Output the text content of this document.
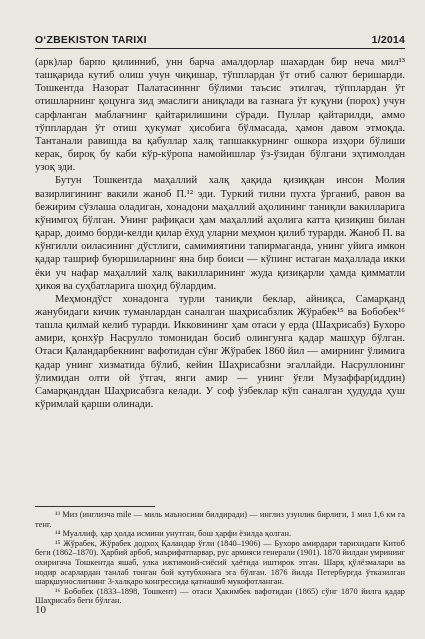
O‘ZBEKISTON TARIXI	1/2014

(арк)лар барпо қилинниб, унн барча амалдорлар шахардан бир неча мил¹³ ташқарида кутиб олиш учун чиқишар, тўпплардан ўт отиб салют беришарди. Тошкентда Назорат Палатасинннг бўлими таъсис этилгач, тўпплардан ўт отишларнинг қоцунга зид эмаслиги аниқлади ва газнага ўт куқуни (порох) учун сарфланган маблағнинг қайтарилишини сўради. Пуллар қайтарилди, аммо тўпплардан ўт отиш ҳукумат ҳисобига бўлмасада, ҳамон давом этмоқда. Тантанали равишда ва қабуллар халқ тапшаккурнинг ошкора изҳори бўлиши керак, бироқ бу каби кўр-кўропа намойишлар ўз-ўзидан бўлгани эҳтимолдан узоқ эди.

Бутун Тошкентда маҳаллий халқ ҳақида қизиққан инсон Молия вазирлигининг вакили жаноб П.¹² эди. Туркий тилни пухта ўрганиб, равон ва бежирим сўзлаша оладиган, хонадони маҳаллий аҳолининг таниқли вакилларига кўнимгоҳ бўлган. Унинг рафиқаси ҳам маҳаллий аҳолига катта қизиқиш билан қарар, доимо борди-келди қилар ёхуд уларни меҳмон қилиб турарди. Жаноб П. ва кўнгилли оиласининг дўстлиги, самимиятини тапирмаганда, унинг уйига имкон қадар ташриф буюршиларнинг яна бир боиси — кўпинг истаган маҳаллада икки ёки уч нафар маҳаллий халқ вакилларининг жуда қизиқарли ҳамда қимматли ҳикоя ва суҳбатларига шоҳид бўлардим.

Меҳмондўст хонадонга турли таниқли беклар, айниқса, Самарқанд жанубидаги кичик туманлардан саналган шаҳрисабзлик Жўрабек¹⁵ ва Бобобек¹⁶ ташла қилмай келиб турарди. Икковининг ҳам отаси у ерда (Шаҳрисабз) Бухоро амири, қонхўр Насрулло томонидан босиб олингунга қадар машҳур бўлган. Отаси Қаландарбекнинг вафотидан сўнг Жўрабек 1860 йил — амирнинг ўлимига қадар унинг хизматида бўлиб, кейин Шаҳрисабзни эгаллайди. Насруллонинг ўлимидан олти ой ўтгач, янги амир — унинг ўғли Музаффар(иддин) Самарқанддан Шаҳрисабзга келади. У соф ўзбеклар кўп саналган ҳудудда ҳуш кўримлай қарши олинади.

¹³ Миз (инглизча mile — миль маъносини билдиради) — инглиз узунлик бирлиги, 1 мил 1,6 км га тенг.

¹⁴ Муаллиф, ҳар ҳолда исмини унутган, бош ҳарфи ёзилда қолган.

¹⁵ Жўрабек, Жўрабек додхоҳ Қаландар ўғли (1840–1906) — Бухоро амирдари тарихидаги Китоб беги (1862–1870). Ҳарбий арбоб, маърифатпарвар, рус армияси генерали (1901). 1870 йилдан умрининг охиригача Тошкентда яшаб, улка ижтимоий-сиёсий ҳаётида иштирок этган. Шарқ қўлёзмалари ва нодир асарлардан танлаб тонган бой кутубхонага эга бўлган. 1876 йилда Петербургда ўтказилган шарқшунослигнинг 3-халқаро конгрессида қатнашиб мукофотланган.

¹⁶ Бобобек (1833–1898, Тошкент) — отаси Ҳакимбек вафотидан (1865) сўнг 1870 йилга қадар Шаҳрисабз беги бўлган.

10
